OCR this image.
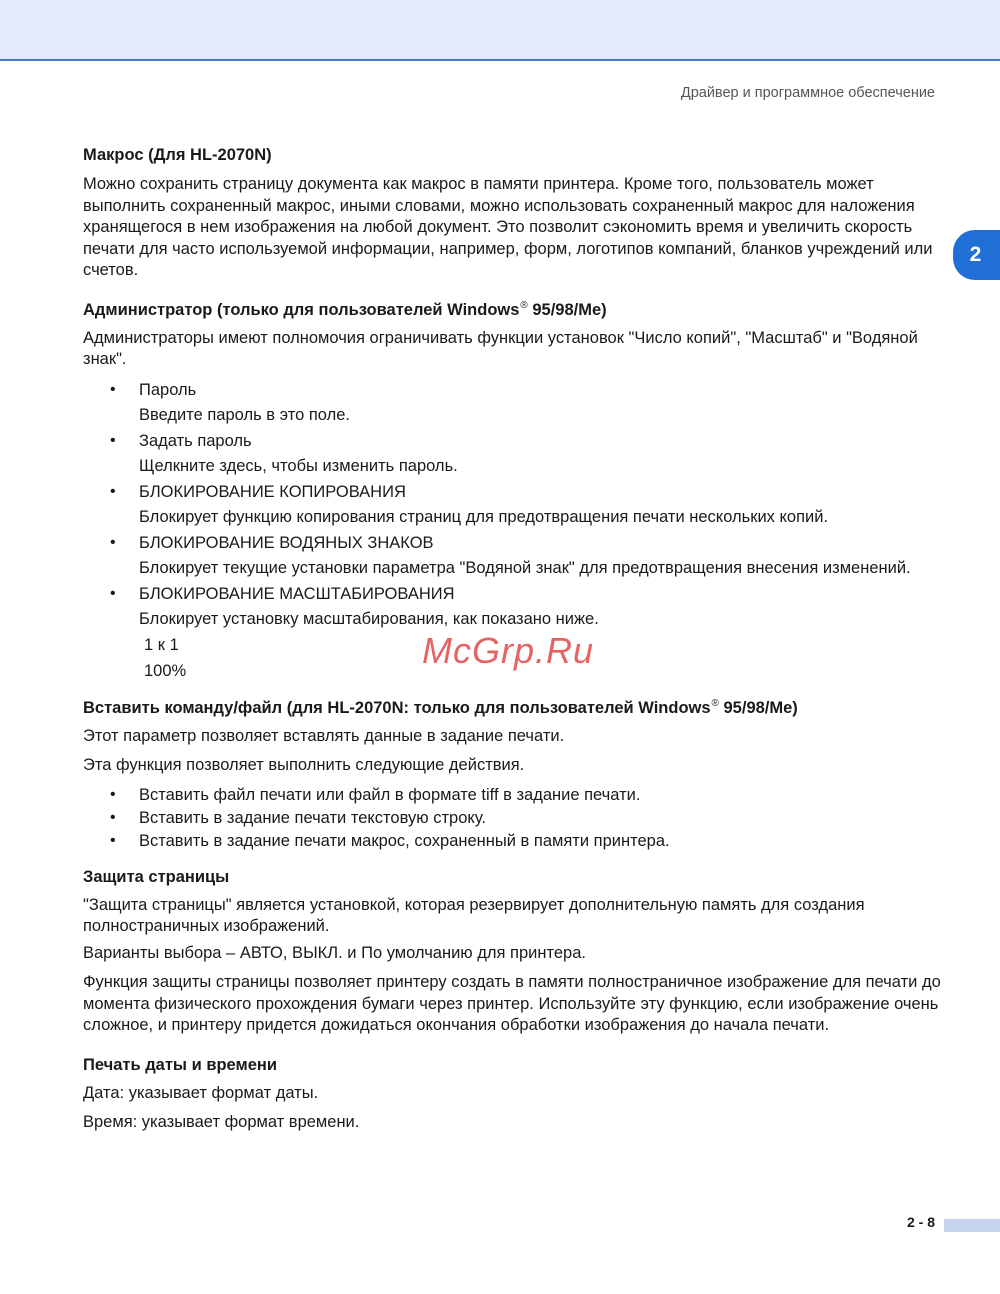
Драйвер и программное обеспечение
2
Макрос (Для HL-2070N)

Можно сохранить страницу документа как макрос в памяти принтера. Кроме того, пользователь может выполнить сохраненный макрос, иными словами, можно использовать сохраненный макрос для наложения хранящегося в нем изображения на любой документ. Это позволит сэкономить время и увеличить скорость печати для часто используемой информации, например, форм, логотипов компаний, бланков учреждений или счетов.

Администратор (только для пользователей Windows® 95/98/Me)

Администраторы имеют полномочия ограничивать функции установок "Число копий", "Масштаб" и "Водяной знак".

• Пароль
Введите пароль в это поле.
• Задать пароль
Щелкните здесь, чтобы изменить пароль.
• БЛОКИРОВАНИЕ КОПИРОВАНИЯ
Блокирует функцию копирования страниц для предотвращения печати нескольких копий.
• БЛОКИРОВАНИЕ ВОДЯНЫХ ЗНАКОВ
Блокирует текущие установки параметра "Водяной знак" для предотвращения внесения изменений.
• БЛОКИРОВАНИЕ МАСШТАБИРОВАНИЯ
Блокирует установку масштабирования, как показано ниже.
1 к 1
100%
Вставить команду/файл (для HL-2070N: только для пользователей Windows® 95/98/Me)

Этот параметр позволяет вставлять данные в задание печати.

Эта функция позволяет выполнить следующие действия.

• Вставить файл печати или файл в формате tiff в задание печати.
• Вставить в задание печати текстовую строку.
• Вставить в задание печати макрос, сохраненный в памяти принтера.
Защита страницы

"Защита страницы" является установкой, которая резервирует дополнительную память для создания полностраничных изображений.

Варианты выбора – АВТО, ВЫКЛ. и По умолчанию для принтера.

Функция защиты страницы позволяет принтеру создать в памяти полностраничное изображение для печати до момента физического прохождения бумаги через принтер. Используйте эту функцию, если изображение очень сложное, и принтеру придется дожидаться окончания обработки изображения до начала печати.

Печать даты и времени

Дата: указывает формат даты.

Время: указывает формат времени.

McGrp.Ru
2 - 8
